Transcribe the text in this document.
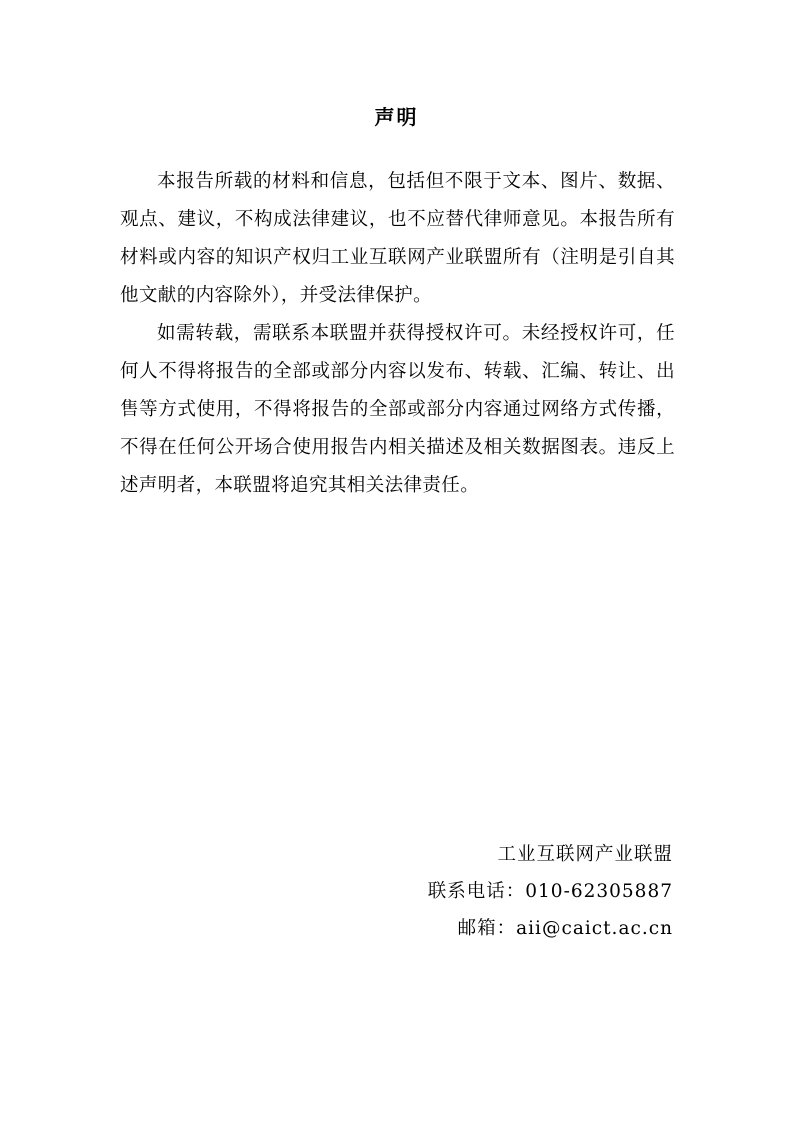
声明

本报告所载的材料和信息，包括但不限于文本、图片、数据、观点、建议，不构成法律建议，也不应替代律师意见。本报告所有材料或内容的知识产权归工业互联网产业联盟所有（注明是引自其他文献的内容除外），并受法律保护。

如需转载，需联系本联盟并获得授权许可。未经授权许可，任何人不得将报告的全部或部分内容以发布、转载、汇编、转让、出售等方式使用，不得将报告的全部或部分内容通过网络方式传播，不得在任何公开场合使用报告内相关描述及相关数据图表。违反上述声明者，本联盟将追究其相关法律责任。

工业互联网产业联盟
联系电话：010-62305887
邮箱：aii@caict.ac.cn
